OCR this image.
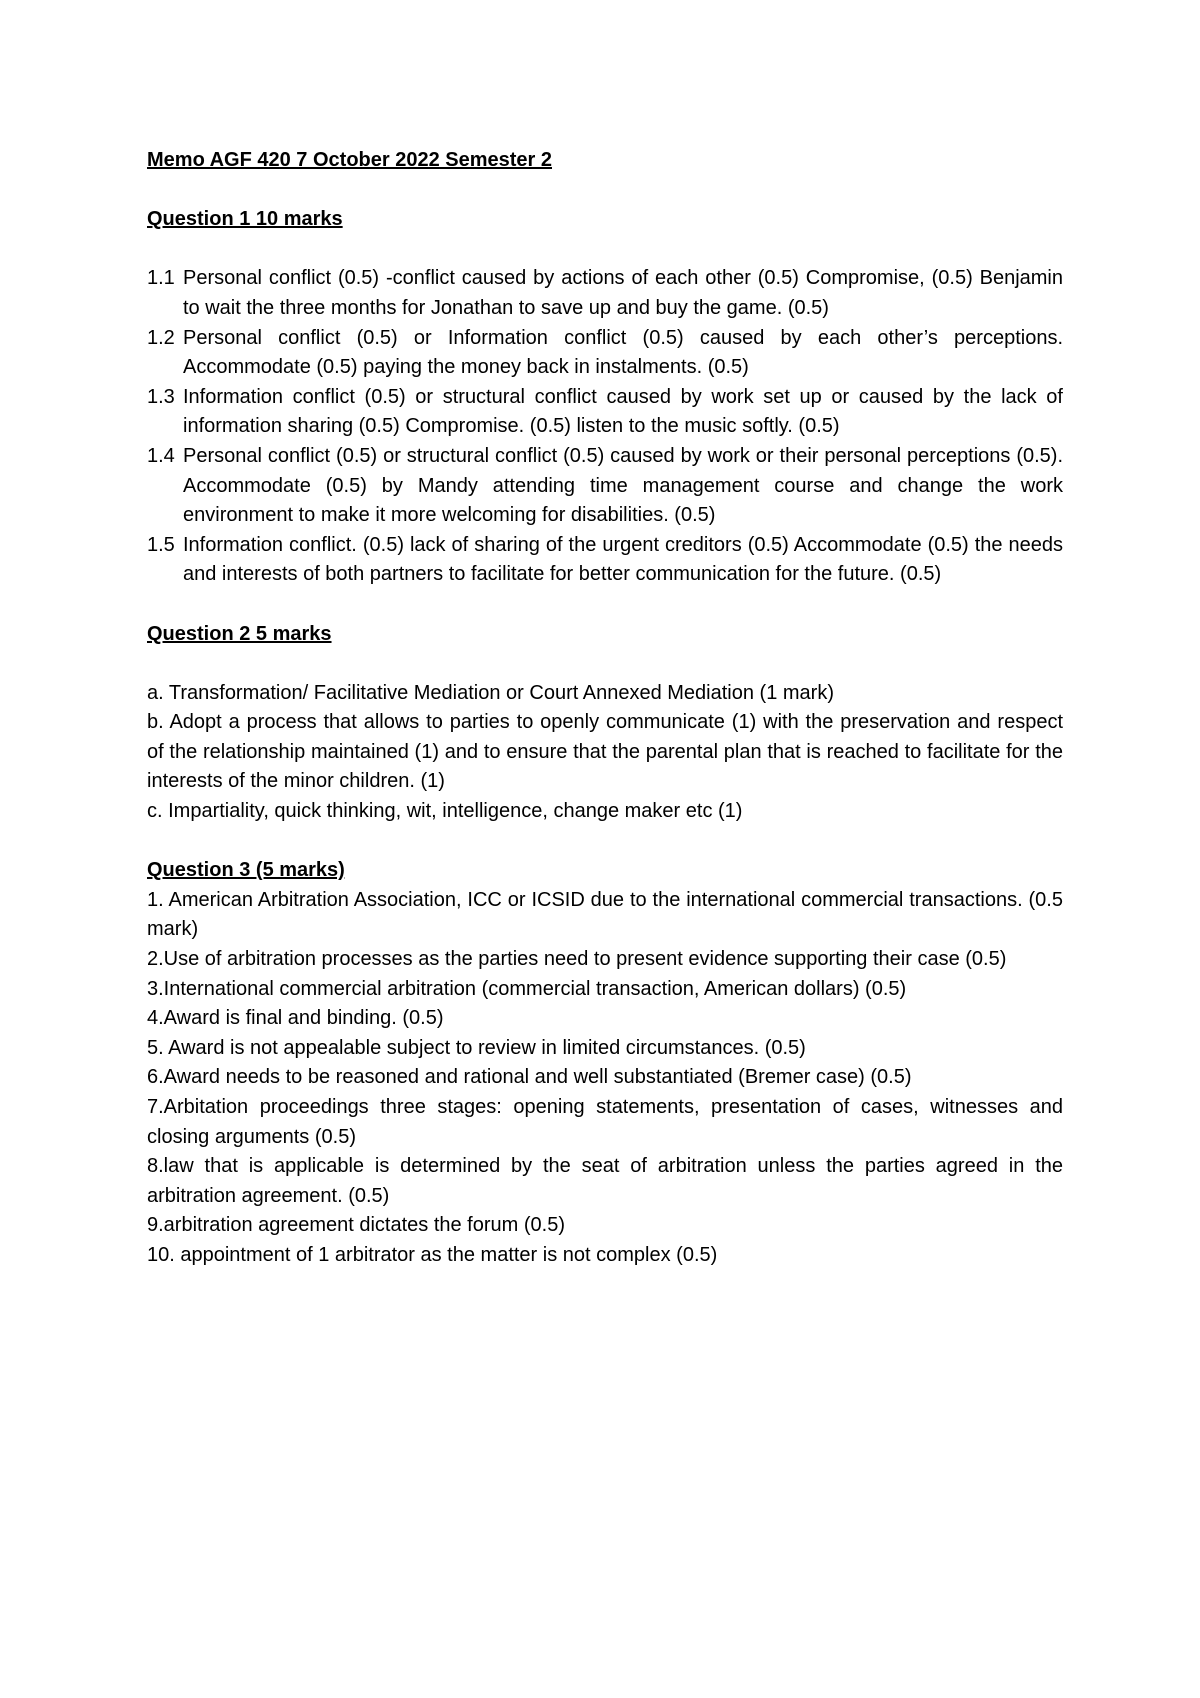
Memo AGF 420 7 October 2022 Semester 2

Question 1 10 marks

1.1 Personal conflict (0.5) -conflict caused by actions of each other (0.5) Compromise, (0.5) Benjamin to wait the three months for Jonathan to save up and buy the game. (0.5)
1.2 Personal conflict (0.5) or Information conflict (0.5) caused by each other’s perceptions. Accommodate (0.5) paying the money back in instalments. (0.5)
1.3 Information conflict (0.5) or structural conflict caused by work set up or caused by the lack of information sharing (0.5) Compromise. (0.5) listen to the music softly. (0.5)
1.4 Personal conflict (0.5) or structural conflict (0.5) caused by work or their personal perceptions (0.5). Accommodate (0.5) by Mandy attending time management course and change the work environment to make it more welcoming for disabilities. (0.5)
1.5 Information conflict. (0.5) lack of sharing of the urgent creditors (0.5) Accommodate (0.5) the needs and interests of both partners to facilitate for better communication for the future. (0.5)

Question 2 5 marks

a. Transformation/ Facilitative Mediation or Court Annexed Mediation (1 mark)

b. Adopt a process that allows to parties to openly communicate (1) with the preservation and respect of the relationship maintained (1) and to ensure that the parental plan that is reached to facilitate for the interests of the minor children. (1)

c. Impartiality, quick thinking, wit, intelligence, change maker etc (1)

Question 3 (5 marks)

1. American Arbitration Association, ICC or ICSID due to the international commercial transactions. (0.5 mark)

2.Use of arbitration processes as the parties need to present evidence supporting their case (0.5)

3.International commercial arbitration (commercial transaction, American dollars) (0.5)

4.Award is final and binding. (0.5)

5. Award is not appealable subject to review in limited circumstances. (0.5)

6.Award needs to be reasoned and rational and well substantiated (Bremer case) (0.5)

7.Arbitation proceedings three stages: opening statements, presentation of cases, witnesses and closing arguments (0.5)

8.law that is applicable is determined by the seat of arbitration unless the parties agreed in the arbitration agreement. (0.5)

9.arbitration agreement dictates the forum (0.5)

10. appointment of 1 arbitrator as the matter is not complex (0.5)
